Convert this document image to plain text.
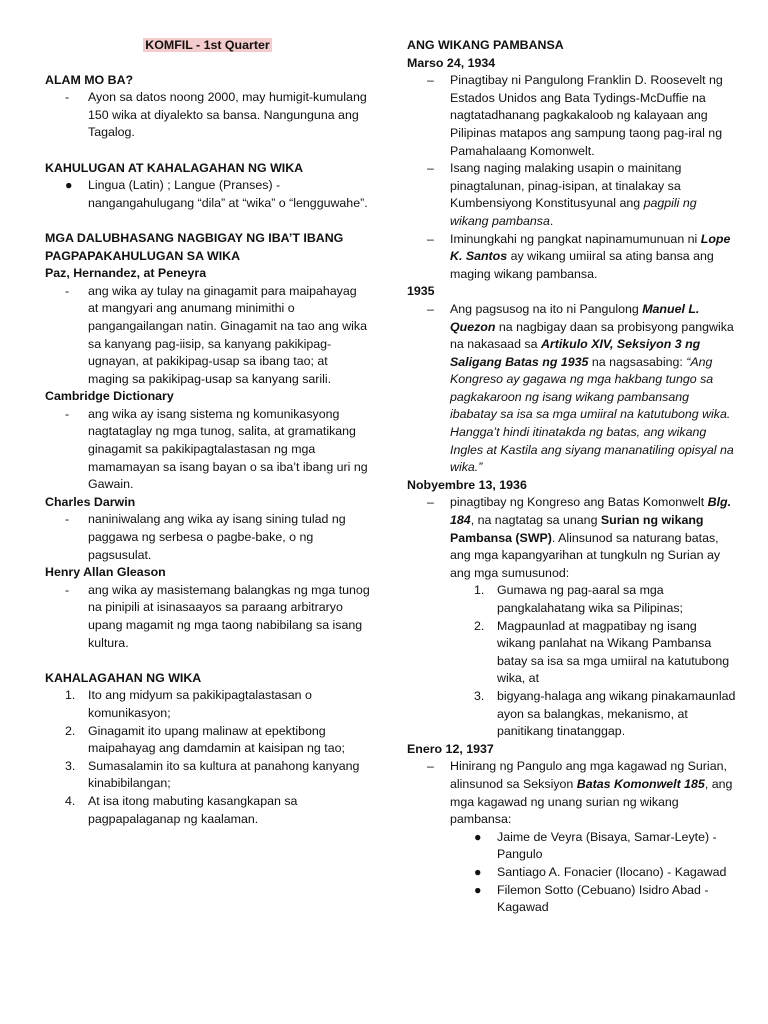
KOMFIL - 1st Quarter
ALAM MO BA?
-	Ayon sa datos noong 2000, may humigit-kumulang 150 wika at diyalekto sa bansa. Nangunguna ang Tagalog.
KAHULUGAN AT KAHALAGAHAN NG WIKA
●	Lingua (Latin) ; Langue (Pranses) - nangangahulugang “dila” at “wika” o “lengguwahe”.
MGA DALUBHASANG NAGBIGAY NG IBA’T IBANG PAGPAPAKAHULUGAN SA WIKA
Paz, Hernandez, at Peneyra
-	ang wika ay tulay na ginagamit para maipahayag at mangyari ang anumang minimithi o pangangailangan natin. Ginagamit na tao ang wika sa kanyang pag-iisip, sa kanyang pakikipag-ugnayan, at pakikipag-usap sa ibang tao; at maging sa pakikipag-usap sa kanyang sarili.
Cambridge Dictionary
-	ang wika ay isang sistema ng komunikasyong nagtataglay ng mga tunog, salita, at gramatikang ginagamit sa pakikipagtalastasan ng mga mamamayan sa isang bayan o sa iba’t ibang uri ng Gawain.
Charles Darwin
-	naniniwalang ang wika ay isang sining tulad ng paggawa ng serbesa o pagbe-bake, o ng pagsusulat.
Henry Allan Gleason
-	ang wika ay masistemang balangkas ng mga tunog na pinipili at isinasaayos sa paraang arbitraryo upang magamit ng mga taong nabibilang sa isang kultura.
KAHALAGAHAN NG WIKA
1.	Ito ang midyum sa pakikipagtalastasan o komunikasyon;
2.	Ginagamit ito upang malinaw at epektibong maipahayag ang damdamin at kaisipan ng tao;
3.	Sumasalamin ito sa kultura at panahong kanyang kinabibilangan;
4.	At isa itong mabuting kasangkapan sa pagpapalaganap ng kaalaman.
ANG WIKANG PAMBANSA
Marso 24, 1934
–	Pinagtibay ni Pangulong Franklin D. Roosevelt ng Estados Unidos ang Bata Tydings-McDuffie na nagtatadhanang pagkakaloob ng kalayaan ang Pilipinas matapos ang sampung taong pag-iral ng Pamahalaang Komonwelt.
–	Isang naging malaking usapin o mainitang pinagtalunan, pinag-isipan, at tinalakay sa Kumbensiyong Konstitusyunal ang pagpili ng wikang pambansa.
–	Iminungkahi ng pangkat napinamumunuan ni Lope K. Santos ay wikang umiiral sa ating bansa ang maging wikang pambansa.
1935
–	Ang pagsusog na ito ni Pangulong Manuel L. Quezon na nagbigay daan sa probisyong pangwika na nakasaad sa Artikulo XIV, Seksiyon 3 ng Saligang Batas ng 1935 na nagsasabing: “Ang Kongreso ay gagawa ng mga hakbang tungo sa pagkakaroon ng isang wikang pambansang ibabatay sa isa sa mga umiiral na katutubong wika. Hangga’t hindi itinatakda ng batas, ang wikang Ingles at Kastila ang siyang mananatiling opisyal na wika.”
Nobyembre 13, 1936
–	pinagtibay ng Kongreso ang Batas Komonwelt Blg. 184, na nagtatag sa unang Surian ng wikang Pambansa (SWP). Alinsunod sa naturang batas, ang mga kapangyarihan at tungkuln ng Surian ay ang mga sumusunod:
1. Gumawa ng pag-aaral sa mga pangkalahatang wika sa Pilipinas;
2. Magpaunlad at magpatibay ng isang wikang panlahat na Wikang Pambansa batay sa isa sa mga umiiral na katutubong wika, at
3. bigyang-halaga ang wikang pinakamaunlad ayon sa balangkas, mekanismo, at panitikang tinatanggap.
Enero 12, 1937
–	Hinirang ng Pangulo ang mga kagawad ng Surian, alinsunod sa Seksiyon Batas Komonwelt 185, ang mga kagawad ng unang surian ng wikang pambansa:
● Jaime de Veyra (Bisaya, Samar-Leyte) - Pangulo
● Santiago A. Fonacier (Ilocano) - Kagawad
● Filemon Sotto (Cebuano) Isidro Abad -Kagawad
